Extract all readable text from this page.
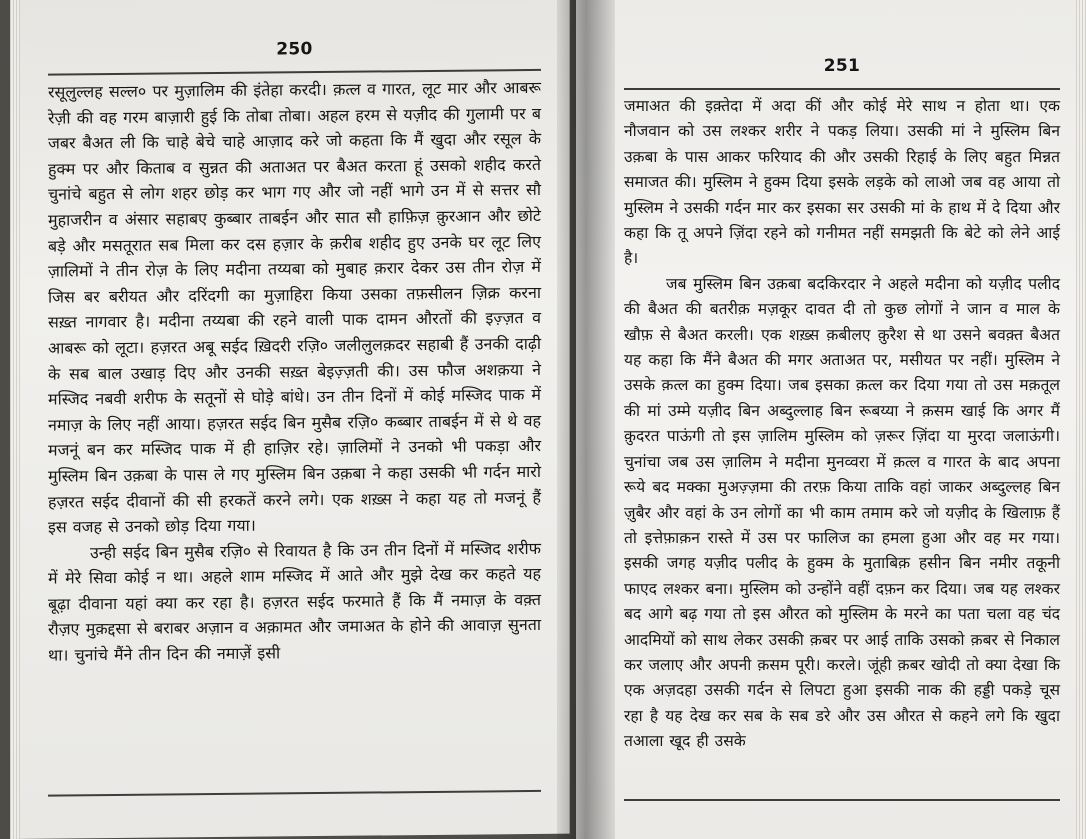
250

रसूलुल्लह सल्ल० पर मुज़ालिम की इंतेहा करदी। क़त्ल व गारत, लूट मार और आबरू रेज़ी की वह गरम बाज़ारी हुई कि तोबा तोबा। अहल हरम से यज़ीद की गुलामी पर ब जबर बैअत ली कि चाहे बेचे चाहे आज़ाद करे जो कहता कि मैं खुदा और रसूल के हुक्म पर और किताब व सुन्नत की अताअत पर बैअत करता हूं उसको शहीद करते चुनांचे बहुत से लोग शहर छोड़ कर भाग गए और जो नहीं भागे उन में से सत्तर सौ मुहाजरीन व अंसार सहाबए कुब्बार ताबईन और सात सौ हाफ़िज़ क़ुरआन और छोटे बड़े और मसतूरात सब मिला कर दस हज़ार के क़रीब शहीद हुए उनके घर लूट लिए ज़ालिमों ने तीन रोज़ के लिए मदीना तय्यबा को मुबाह क़रार देकर उस तीन रोज़ में जिस बर बरीयत और दरिंदगी का मुज़ाहिरा किया उसका तफ़सीलन ज़िक्र करना सख़्त नागवार है। मदीना तय्यबा की रहने वाली पाक दामन औरतों की इज़्ज़त व आबरू को लूटा। हज़रत अबू सईद ख़िदरी रज़ि० जलीलुलक़दर सहाबी हैं उनकी दाढ़ी के सब बाल उखाड़ दिए और उनकी सख़्त बेइज़्ज़ती की। उस फौज अशक़या ने मस्जिद नबवी शरीफ के सतूनों से घोड़े बांधे। उन तीन दिनों में कोई मस्जिद पाक में नमाज़ के लिए नहीं आया। हज़रत सईद बिन मुसैब रज़ि० कब्बार ताबईन में से थे वह मजनूं बन कर मस्जिद पाक में ही हाज़िर रहे। ज़ालिमों ने उनको भी पकड़ा और मुस्लिम बिन उक़बा के पास ले गए मुस्लिम बिन उक़बा ने कहा उसकी भी गर्दन मारो हज़रत सईद दीवानों की सी हरकतें करने लगे। एक शख़्स ने कहा यह तो मजनूं हैं इस वजह से उनको छोड़ दिया गया।

उन्ही सईद बिन मुसैब रज़ि० से रिवायत है कि उन तीन दिनों में मस्जिद शरीफ में मेरे सिवा कोई न था। अहले शाम मस्जिद में आते और मुझे देख कर कहते यह बूढ़ा दीवाना यहां क्या कर रहा है। हज़रत सईद फरमाते हैं कि मैं नमाज़ के वक़्त रौज़ए मुक़द्दसा से बराबर अज़ान व अक़ामत और जमाअत के होने की आवाज़ सुनता था। चुनांचे मैंने तीन दिन की नमाज़ें इसी

251

जमाअत की इक़्तेदा में अदा कीं और कोई मेरे साथ न होता था। एक नौजवान को उस लश्कर शरीर ने पकड़ लिया। उसकी मां ने मुस्लिम बिन उक़बा के पास आकर फरियाद की और उसकी रिहाई के लिए बहुत मिन्नत समाजत की। मुस्लिम ने हुक्म दिया इसके लड़के को लाओ जब वह आया तो मुस्लिम ने उसकी गर्दन मार कर इसका सर उसकी मां के हाथ में दे दिया और कहा कि तू अपने ज़िंदा रहने को गनीमत नहीं समझती कि बेटे को लेने आई है।

जब मुस्लिम बिन उक़बा बदकिरदार ने अहले मदीना को यज़ीद पलीद की बैअत की बतरीक़ मज़कूर दावत दी तो कुछ लोगों ने जान व माल के खौफ़ से बैअत करली। एक शख़्स क़बीलए क़ुरैश से था उसने बवक़्त बैअत यह कहा कि मैंने बैअत की मगर अताअत पर, मसीयत पर नहीं। मुस्लिम ने उसके क़त्ल का हुक्म दिया। जब इसका क़त्ल कर दिया गया तो उस मक़तूल की मां उम्मे यज़ीद बिन अब्दुल्लाह बिन रूबय्या ने क़सम खाई कि अगर मैं क़ुदरत पाऊंगी तो इस ज़ालिम मुस्लिम को ज़रूर ज़िंदा या मुरदा जलाऊंगी। चुनांचा जब उस ज़ालिम ने मदीना मुनव्वरा में क़त्ल व गारत के बाद अपना रूये बद मक्का मुअज़्ज़मा की तरफ़ किया ताकि वहां जाकर अब्दुल्लह बिन ज़ुबैर और वहां के उन लोगों का भी काम तमाम करे जो यज़ीद के खिलाफ़ हैं तो इत्तेफ़ाक़न रास्ते में उस पर फालिज का हमला हुआ और वह मर गया। इसकी जगह यज़ीद पलीद के हुक्म के मुताबिक़ हसीन बिन नमीर तकूनी फाएद लश्कर बना। मुस्लिम को उन्होंने वहीं दफ़न कर दिया। जब यह लश्कर बद आगे बढ़ गया तो इस औरत को मुस्लिम के मरने का पता चला वह चंद आदमियों को साथ लेकर उसकी क़बर पर आई ताकि उसको क़बर से निकाल कर जलाए और अपनी क़सम पूरी। करले। जूंही क़बर खोदी तो क्या देखा कि एक अज़दहा उसकी गर्दन से लिपटा हुआ इसकी नाक की हड्डी पकड़े चूस रहा है यह देख कर सब के सब डरे और उस औरत से कहने लगे कि खुदा तआला खूद ही उसके
